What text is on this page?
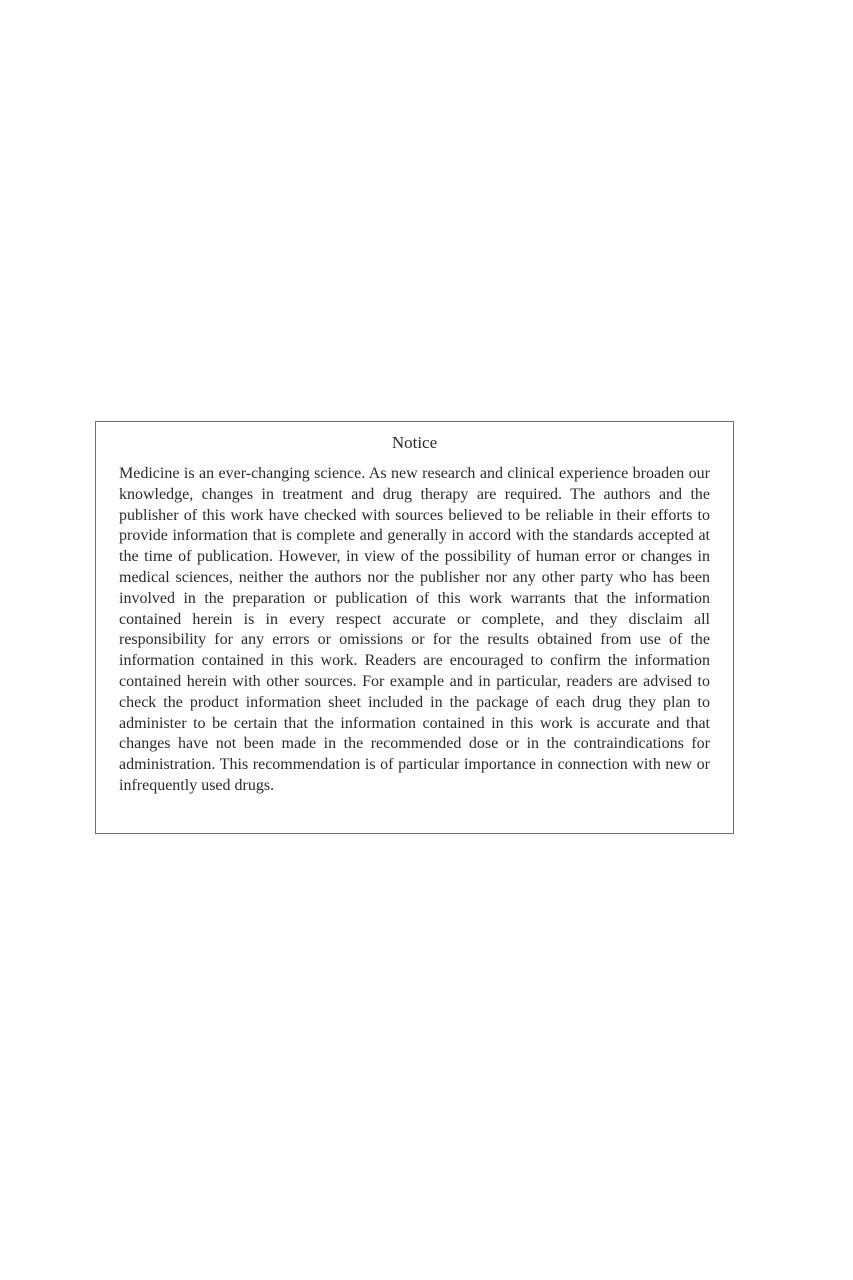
Notice

Medicine is an ever-changing science. As new research and clinical experience broaden our knowledge, changes in treatment and drug therapy are required. The authors and the publisher of this work have checked with sources believed to be reliable in their efforts to provide information that is complete and generally in accord with the standards accepted at the time of publication. However, in view of the possibility of human error or changes in medical sciences, neither the authors nor the publisher nor any other party who has been involved in the preparation or publication of this work warrants that the information contained herein is in every respect accurate or complete, and they disclaim all responsibility for any errors or omissions or for the results obtained from use of the information contained in this work. Readers are encouraged to confirm the information contained herein with other sources. For example and in particular, readers are advised to check the product information sheet included in the package of each drug they plan to administer to be certain that the information contained in this work is accurate and that changes have not been made in the recommended dose or in the contraindications for administration. This recommendation is of particular importance in connection with new or infrequently used drugs.
